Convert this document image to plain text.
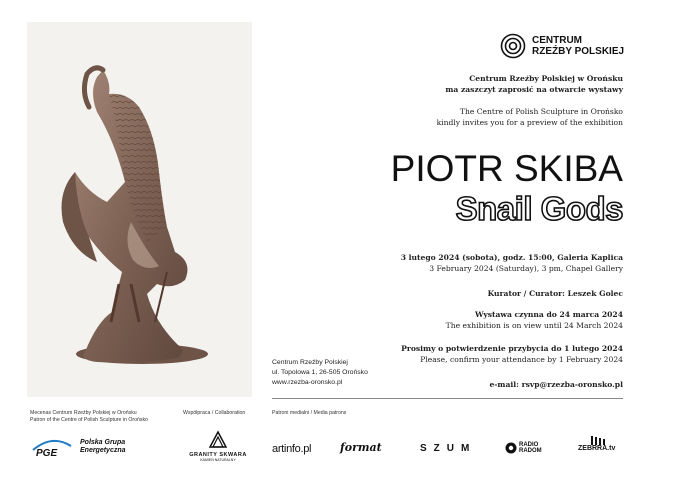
CENTRUM
RZEŹBY POLSKIEJ
Centrum Rzeźby Polskiej w Orońsku
ma zaszczyt zaprosić na otwarcie wystawy
The Centre of Polish Sculpture in Orońsko
kindly invites you for a preview of the exhibition
PIOTR SKIBA
Snail Gods
3 lutego 2024 (sobota), godz. 15:00, Galeria Kaplica
3 February 2024 (Saturday), 3 pm, Chapel Gallery
Kurator / Curator: Leszek Golec
Wystawa czynna do 24 marca 2024
The exhibition is on view until 24 March 2024
Prosimy o potwierdzenie przybycia do 1 lutego 2024
Please, confirm your attendance by 1 February 2024
e-mail: rsvp@rzezba-oronsko.pl
Centrum Rzeźby Polskiej
ul. Topolowa 1, 26-505 Orońsko
www.rzezba-oronsko.pl
Mecenas Centrum Rzeźby Polskiej w Orońsku
Patron of the Centre of Polish Sculpture in Orońsko
Współpraca / Collaboration	Patroni medialni / Media patrons
PGE
Polska Grupa
Energetyczna
GRANITY SKWARA
KAMIEŃ NATURALNY
artinfo.pl	format	SZUM	RADIO
RADOM	ZEBRRA.tv
